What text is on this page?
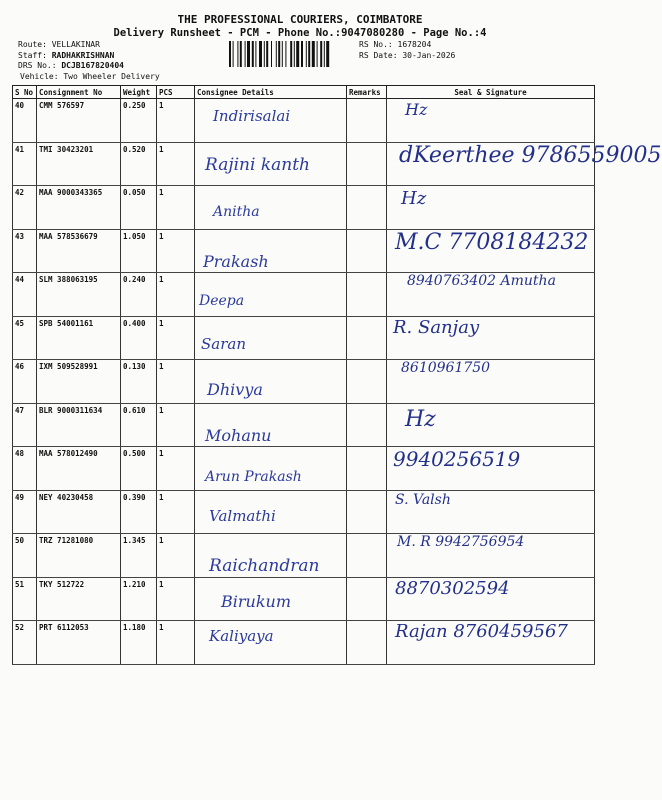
THE PROFESSIONAL COURIERS, COIMBATORE
Delivery Runsheet - PCM - Phone No.:9047080280 - Page No.:4
Route: VELLAKINAR
Staff: RADHAKRISHNAN
DRS No.: DCJB167820404
Vehicle: Two Wheeler Delivery
RS No.: 1678204
RS Date: 30-Jan-2026
S No	Consignment No	Weight	PCS	Consignee Details	Remarks	Seal & Signature
40	CMM 576597	0.250	1	Indirisalai		Hz

41	TMI 30423201	0.520	1	Rajini kanth		dKeerthee 9786559005

42	MAA 9000343365	0.050	1	Anitha		Hz

43	MAA 578536679	1.050	1	Prakash		M.C 7708184232

44	SLM 388063195	0.240	1	Deepa		8940763402 Amutha

45	SPB 54001161	0.400	1	Saran		R. Sanjay

46	IXM 509528991	0.130	1	Dhivya		8610961750

47	BLR 9000311634	0.610	1	Mohanu		Hz

48	MAA 578012490	0.500	1	Arun Prakash		9940256519

49	NEY 40230458	0.390	1	Valmathi		S. Valsh

50	TRZ 71281080	1.345	1	Raichandran		M. R 9942756954

51	TKY 512722	1.210	1	Birukum		8870302594

52	PRT 6112053	1.180	1	Kaliyaya		Rajan 8760459567
